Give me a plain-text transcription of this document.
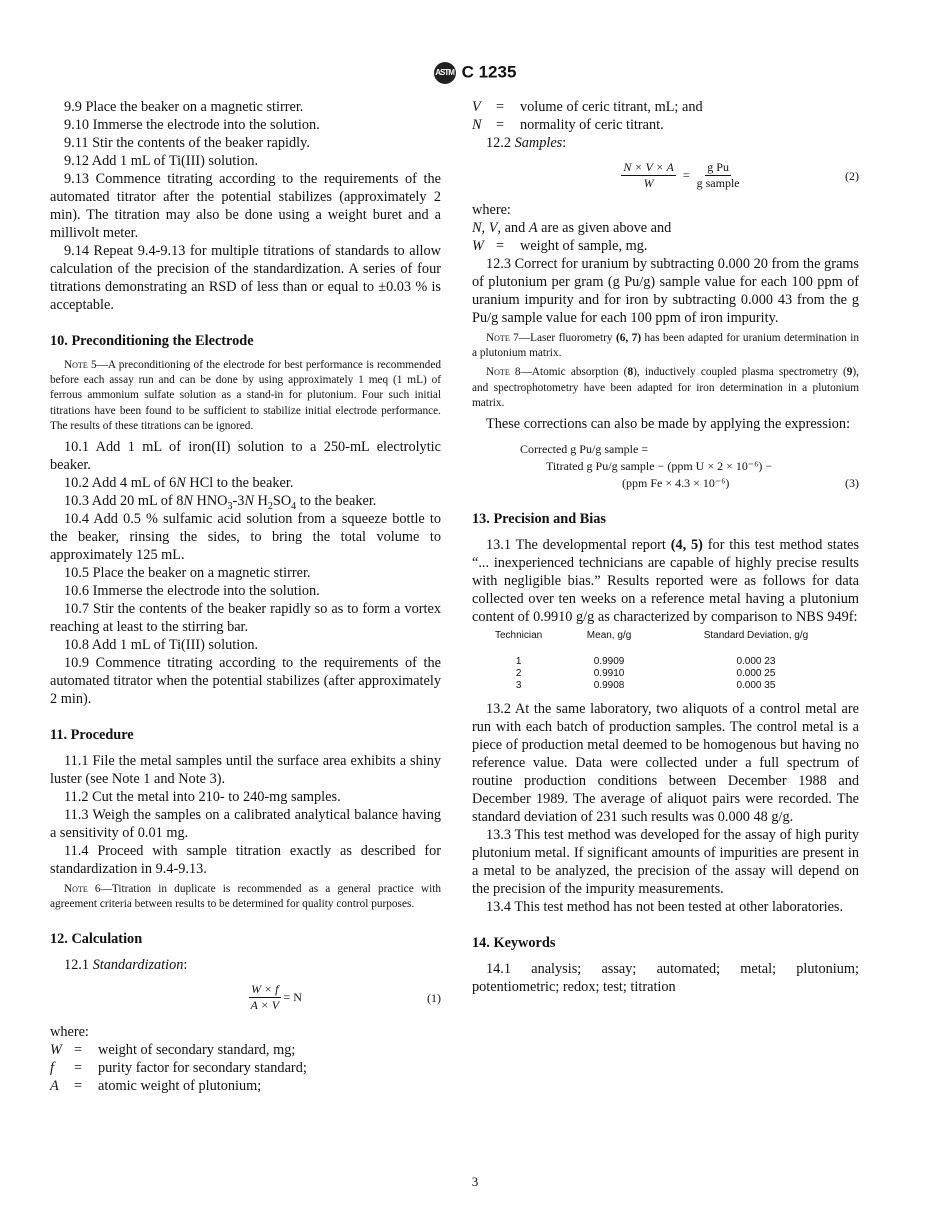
ASTM C 1235

9.9 Place the beaker on a magnetic stirrer.

9.10 Immerse the electrode into the solution.

9.11 Stir the contents of the beaker rapidly.

9.12 Add 1 mL of Ti(III) solution.

9.13 Commence titrating according to the requirements of the automated titrator after the potential stabilizes (approximately 2 min). The titration may also be done using a weight buret and a millivolt meter.

9.14 Repeat 9.4-9.13 for multiple titrations of standards to allow calculation of the precision of the standardization. A series of four titrations demonstrating an RSD of less than or equal to ±0.03 % is acceptable.

10. Preconditioning the Electrode

Note 5—A preconditioning of the electrode for best performance is recommended before each assay run and can be done by using approximately 1 meq (1 mL) of ferrous ammonium sulfate solution as a stand-in for plutonium. Four such initial titrations have been found to be sufficient to stabilize initial electrode performance. The results of these titrations can be ignored.

10.1 Add 1 mL of iron(II) solution to a 250-mL electrolytic beaker.

10.2 Add 4 mL of 6N HCl to the beaker.

10.3 Add 20 mL of 8N $HNO_3-3N$ $H_2SO_4$ to the beaker.

10.4 Add 0.5 % sulfamic acid solution from a squeeze bottle to the beaker, rinsing the sides, to bring the total volume to approximately 125 mL.

10.5 Place the beaker on a magnetic stirrer.

10.6 Immerse the electrode into the solution.

10.7 Stir the contents of the beaker rapidly so as to form a vortex reaching at least to the stirring bar.

10.8 Add 1 mL of Ti(III) solution.

10.9 Commence titrating according to the requirements of the automated titrator when the potential stabilizes (after approximately 2 min).

11. Procedure

11.1 File the metal samples until the surface area exhibits a shiny luster (see Note 1 and Note 3).

11.2 Cut the metal into 210- to 240-mg samples.

11.3 Weigh the samples on a calibrated analytical balance having a sensitivity of 0.01 mg.

11.4 Proceed with sample titration exactly as described for standardization in 9.4-9.13.

Note 6—Titration in duplicate is recommended as a general practice with agreement criteria between results to be determined for quality control purposes.

12. Calculation

12.1 Standardization:

$\frac{W \times f}{A \times V} = N$	(1)
where:
W =	weight of secondary standard, mg;
f	=	purity factor for secondary standard;
A	=	atomic weight of plutonium;
V	=	volume of ceric titrant, mL; and
N	=	normality of ceric titrant.

12.2 Samples:

$\frac{N \times V \times A}{W} = \frac{\text{g Pu}}{\text{g sample}}$	(2)
where:
N, V, and A are as given above and
W =	weight of sample, mg.

12.3 Correct for uranium by subtracting 0.000 20 from the grams of plutonium per gram (g Pu/g) sample value for each 100 ppm of uranium impurity and for iron by subtracting 0.000 43 from the g Pu/g sample value for each 100 ppm of iron impurity.

Note 7—Laser fluorometry (6, 7) has been adapted for uranium determination in a plutonium matrix.

Note 8—Atomic absorption (8), inductively coupled plasma spectrometry (9), and spectrophotometry have been adapted for iron determination in a plutonium matrix.

These corrections can also be made by applying the expression:

Corrected g Pu/g sample =
Titrated g Pu/g sample − (ppm U × 2 × 10⁻⁶) −
(ppm Fe × 4.3 × 10⁻⁶)	(3)
13. Precision and Bias

13.1 The developmental report (4, 5) for this test method states “... inexperienced technicians are capable of highly precise results with negligible bias.” Results reported were as follows for data collected over ten weeks on a reference metal having a plutonium content of 0.9910 g/g as characterized by comparison to NBS 949f:

Technician	Mean, g/g	Standard Deviation, g/g
1	0.9909	0.000 23
2	0.9910	0.000 25
3	0.9908	0.000 35

13.2 At the same laboratory, two aliquots of a control metal are run with each batch of production samples. The control metal is a piece of production metal deemed to be homogenous but having no reference value. Data were collected under a full spectrum of routine production conditions between December 1988 and December 1989. The average of aliquot pairs were recorded. The standard deviation of 231 such results was 0.000 48 g/g.

13.3 This test method was developed for the assay of high purity plutonium metal. If significant amounts of impurities are present in a metal to be analyzed, the precision of the assay will depend on the precision of the impurity measurements.

13.4 This test method has not been tested at other laboratories.

14. Keywords

14.1 analysis; assay; automated; metal; plutonium; potentiometric; redox; test; titration

3
